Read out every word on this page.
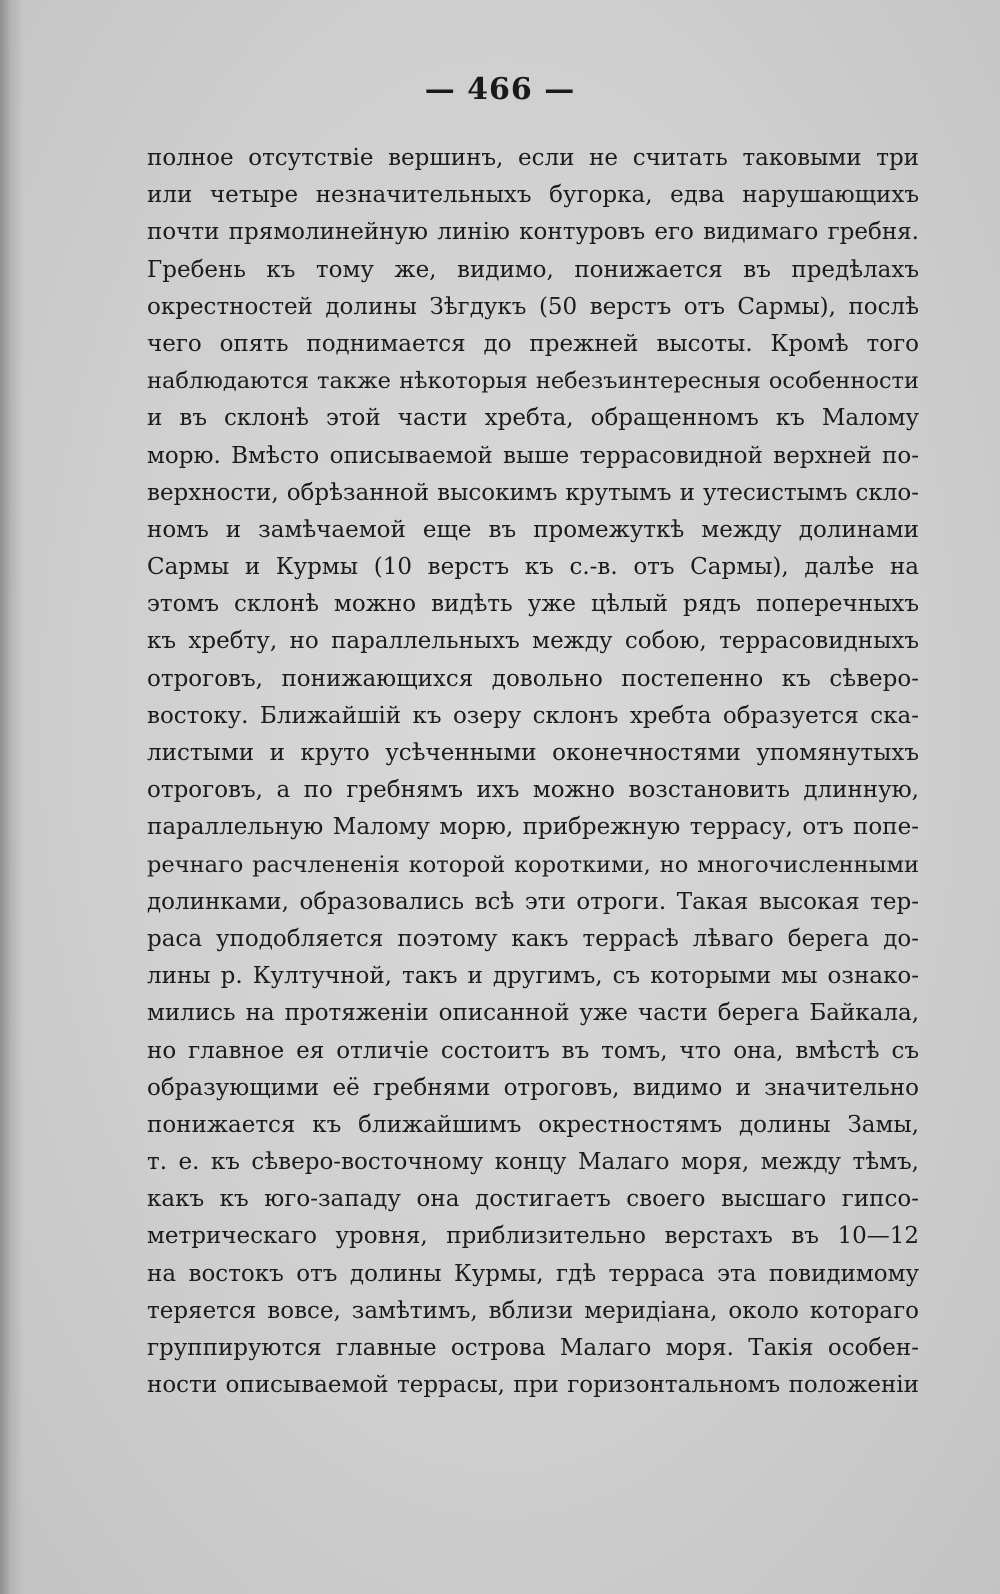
— 466 —
полное отсутствіе вершинъ, если не считать таковыми три
или четыре незначительныхъ бугорка, едва нарушающихъ
почти прямолинейную линію контуровъ его видимаго гребня.
Гребень къ тому же, видимо, понижается въ предѣлахъ
окрестностей долины Зѣгдукъ (50 верстъ отъ Сармы), послѣ
чего опять поднимается до прежней высоты. Кромѣ того
наблюдаются также нѣкоторыя небезъинтересныя особенности
и въ склонѣ этой части хребта, обращенномъ къ Малому
морю. Вмѣсто описываемой выше террасовидной верхней по-
верхности, обрѣзанной высокимъ крутымъ и утесистымъ скло-
номъ и замѣчаемой еще въ промежуткѣ между долинами
Сармы и Курмы (10 верстъ къ с.-в. отъ Сармы), далѣе на
этомъ склонѣ можно видѣть уже цѣлый рядъ поперечныхъ
къ хребту, но параллельныхъ между собою, террасовидныхъ
отроговъ, понижающихся довольно постепенно къ сѣверо-
востоку. Ближайшій къ озеру склонъ хребта образуется ска-
листыми и круто усѣченными оконечностями упомянутыхъ
отроговъ, а по гребнямъ ихъ можно возстановить длинную,
параллельную Малому морю, прибрежную террасу, отъ попе-
речнаго расчлененія которой короткими, но многочисленными
долинками, образовались всѣ эти отроги. Такая высокая тер-
раса уподобляется поэтому какъ террасѣ лѣваго берега до-
лины р. Култучной, такъ и другимъ, съ которыми мы ознако-
мились на протяженіи описанной уже части берега Байкала,
но главное ея отличіе состоитъ въ томъ, что она, вмѣстѣ съ
образующими её гребнями отроговъ, видимо и значительно
понижается къ ближайшимъ окрестностямъ долины Замы,
т. е. къ сѣверо-восточному концу Малаго моря, между тѣмъ,
какъ къ юго-западу она достигаетъ своего высшаго гипсо-
метрическаго уровня, приблизительно верстахъ въ 10—12
на востокъ отъ долины Курмы, гдѣ терраса эта повидимому
теряется вовсе, замѣтимъ, вблизи меридіана, около котораго
группируются главные острова Малаго моря. Такія особен-
ности описываемой террасы, при горизонтальномъ положеніи
